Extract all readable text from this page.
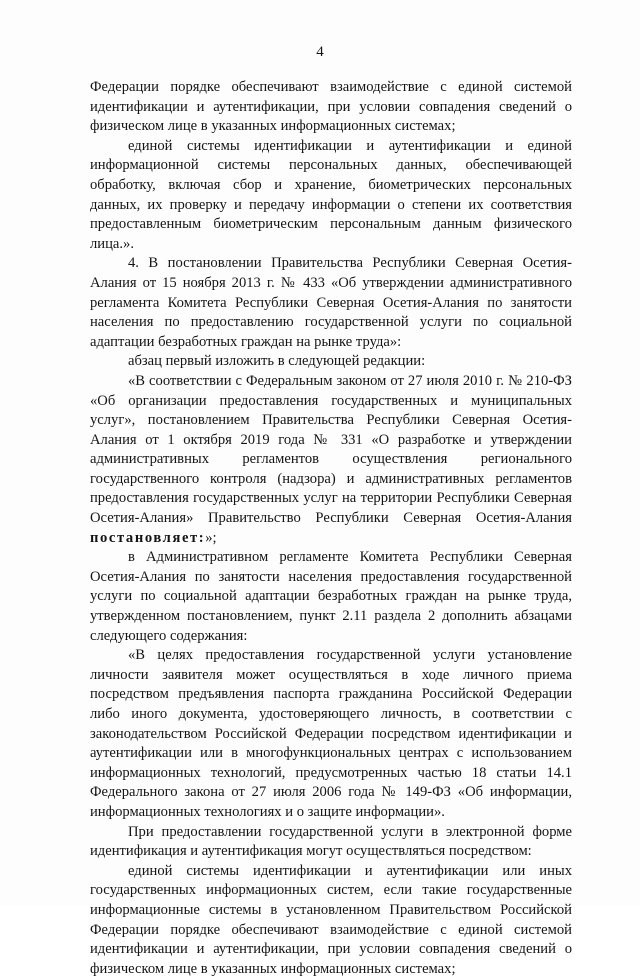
4

Федерации порядке обеспечивают взаимодействие с единой системой идентификации и аутентификации, при условии совпадения сведений о физическом лице в указанных информационных системах;

единой системы идентификации и аутентификации и единой информационной системы персональных данных, обеспечивающей обработку, включая сбор и хранение, биометрических персональных данных, их проверку и передачу информации о степени их соответствия предоставленным биометрическим персональным данным физического лица.».

4. В постановлении Правительства Республики Северная Осетия-Алания от 15 ноября 2013 г. № 433 «Об утверждении административного регламента Комитета Республики Северная Осетия-Алания по занятости населения по предоставлению государственной услуги по социальной адаптации безработных граждан на рынке труда»:

абзац первый изложить в следующей редакции:

«В соответствии с Федеральным законом от 27 июля 2010 г. № 210-ФЗ «Об организации предоставления государственных и муниципальных услуг», постановлением Правительства Республики Северная Осетия-Алания от 1 октября 2019 года № 331 «О разработке и утверждении административных регламентов осуществления регионального государственного контроля (надзора) и административных регламентов предоставления государственных услуг на территории Республики Северная Осетия-Алания» Правительство Республики Северная Осетия-Алания постановляет:»;

в Административном регламенте Комитета Республики Северная Осетия-Алания по занятости населения предоставления государственной услуги по социальной адаптации безработных граждан на рынке труда, утвержденном постановлением, пункт 2.11 раздела 2 дополнить абзацами следующего содержания:

«В целях предоставления государственной услуги установление личности заявителя может осуществляться в ходе личного приема посредством предъявления паспорта гражданина Российской Федерации либо иного документа, удостоверяющего личность, в соответствии с законодательством Российской Федерации посредством идентификации и аутентификации или в многофункциональных центрах с использованием информационных технологий, предусмотренных частью 18 статьи 14.1 Федерального закона от 27 июля 2006 года № 149-ФЗ «Об информации, информационных технологиях и о защите информации».

При предоставлении государственной услуги в электронной форме идентификация и аутентификация могут осуществляться посредством:

единой системы идентификации и аутентификации или иных государственных информационных систем, если такие государственные информационные системы в установленном Правительством Российской Федерации порядке обеспечивают взаимодействие с единой системой идентификации и аутентификации, при условии совпадения сведений о физическом лице в указанных информационных системах;
